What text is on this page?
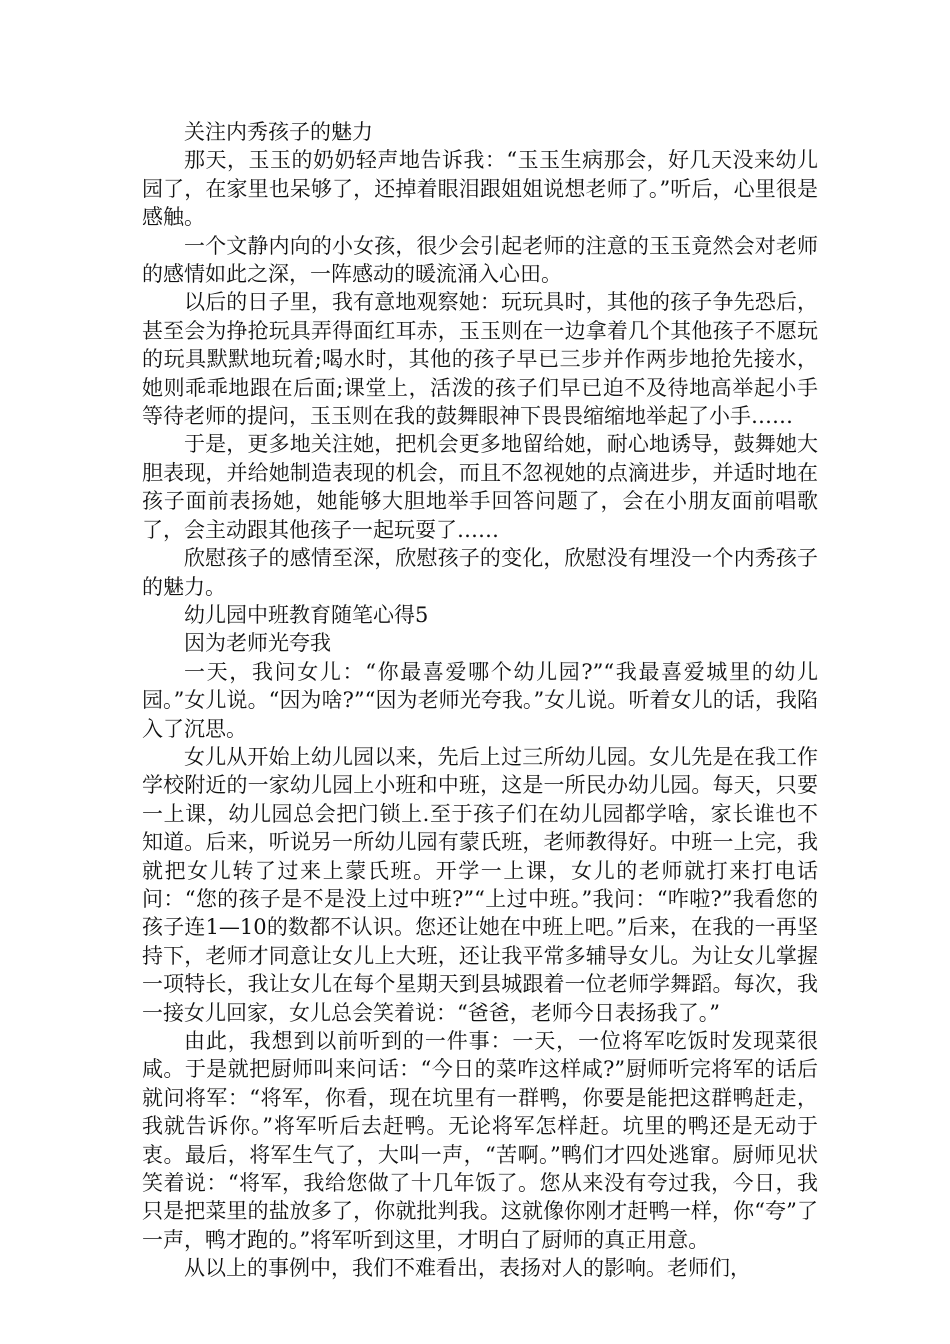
关注内秀孩子的魅力

那天，玉玉的奶奶轻声地告诉我：“玉玉生病那会，好几天没来幼儿园了，在家里也呆够了，还掉着眼泪跟姐姐说想老师了。”听后，心里很是感触。

一个文静内向的小女孩，很少会引起老师的注意的玉玉竟然会对老师的感情如此之深，一阵感动的暖流涌入心田。

以后的日子里，我有意地观察她：玩玩具时，其他的孩子争先恐后，甚至会为挣抢玩具弄得面红耳赤，玉玉则在一边拿着几个其他孩子不愿玩的玩具默默地玩着;喝水时，其他的孩子早已三步并作两步地抢先接水，她则乖乖地跟在后面;课堂上，活泼的孩子们早已迫不及待地高举起小手等待老师的提问，玉玉则在我的鼓舞眼神下畏畏缩缩地举起了小手……

于是，更多地关注她，把机会更多地留给她，耐心地诱导，鼓舞她大胆表现，并给她制造表现的机会，而且不忽视她的点滴进步，并适时地在孩子面前表扬她，她能够大胆地举手回答问题了，会在小朋友面前唱歌了，会主动跟其他孩子一起玩耍了……

欣慰孩子的感情至深，欣慰孩子的变化，欣慰没有埋没一个内秀孩子的魅力。

幼儿园中班教育随笔心得5

因为老师光夸我

一天，我问女儿：“你最喜爱哪个幼儿园?”“我最喜爱城里的幼儿园。”女儿说。“因为啥?”“因为老师光夸我。”女儿说。听着女儿的话，我陷入了沉思。

女儿从开始上幼儿园以来，先后上过三所幼儿园。女儿先是在我工作学校附近的一家幼儿园上小班和中班，这是一所民办幼儿园。每天，只要一上课，幼儿园总会把门锁上.至于孩子们在幼儿园都学啥，家长谁也不知道。后来，听说另一所幼儿园有蒙氏班，老师教得好。中班一上完，我就把女儿转了过来上蒙氏班。开学一上课，女儿的老师就打来打电话问：“您的孩子是不是没上过中班?”“上过中班。”我问：“咋啦?”我看您的孩子连1—10的数都不认识。您还让她在中班上吧。”后来，在我的一再坚持下，老师才同意让女儿上大班，还让我平常多辅导女儿。为让女儿掌握一项特长，我让女儿在每个星期天到县城跟着一位老师学舞蹈。每次，我一接女儿回家，女儿总会笑着说：“爸爸，老师今日表扬我了。”

由此，我想到以前听到的一件事：一天，一位将军吃饭时发现菜很咸。于是就把厨师叫来问话：“今日的菜咋这样咸?”厨师听完将军的话后就问将军：“将军，你看，现在坑里有一群鸭，你要是能把这群鸭赶走，我就告诉你。”将军听后去赶鸭。无论将军怎样赶。坑里的鸭还是无动于衷。最后，将军生气了，大叫一声，“苦啊。”鸭们才四处逃窜。厨师见状笑着说：“将军，我给您做了十几年饭了。您从来没有夸过我，今日，我只是把菜里的盐放多了，你就批判我。这就像你刚才赶鸭一样，你“夸”了一声，鸭才跑的。”将军听到这里，才明白了厨师的真正用意。

从以上的事例中，我们不难看出，表扬对人的影响。老师们，
